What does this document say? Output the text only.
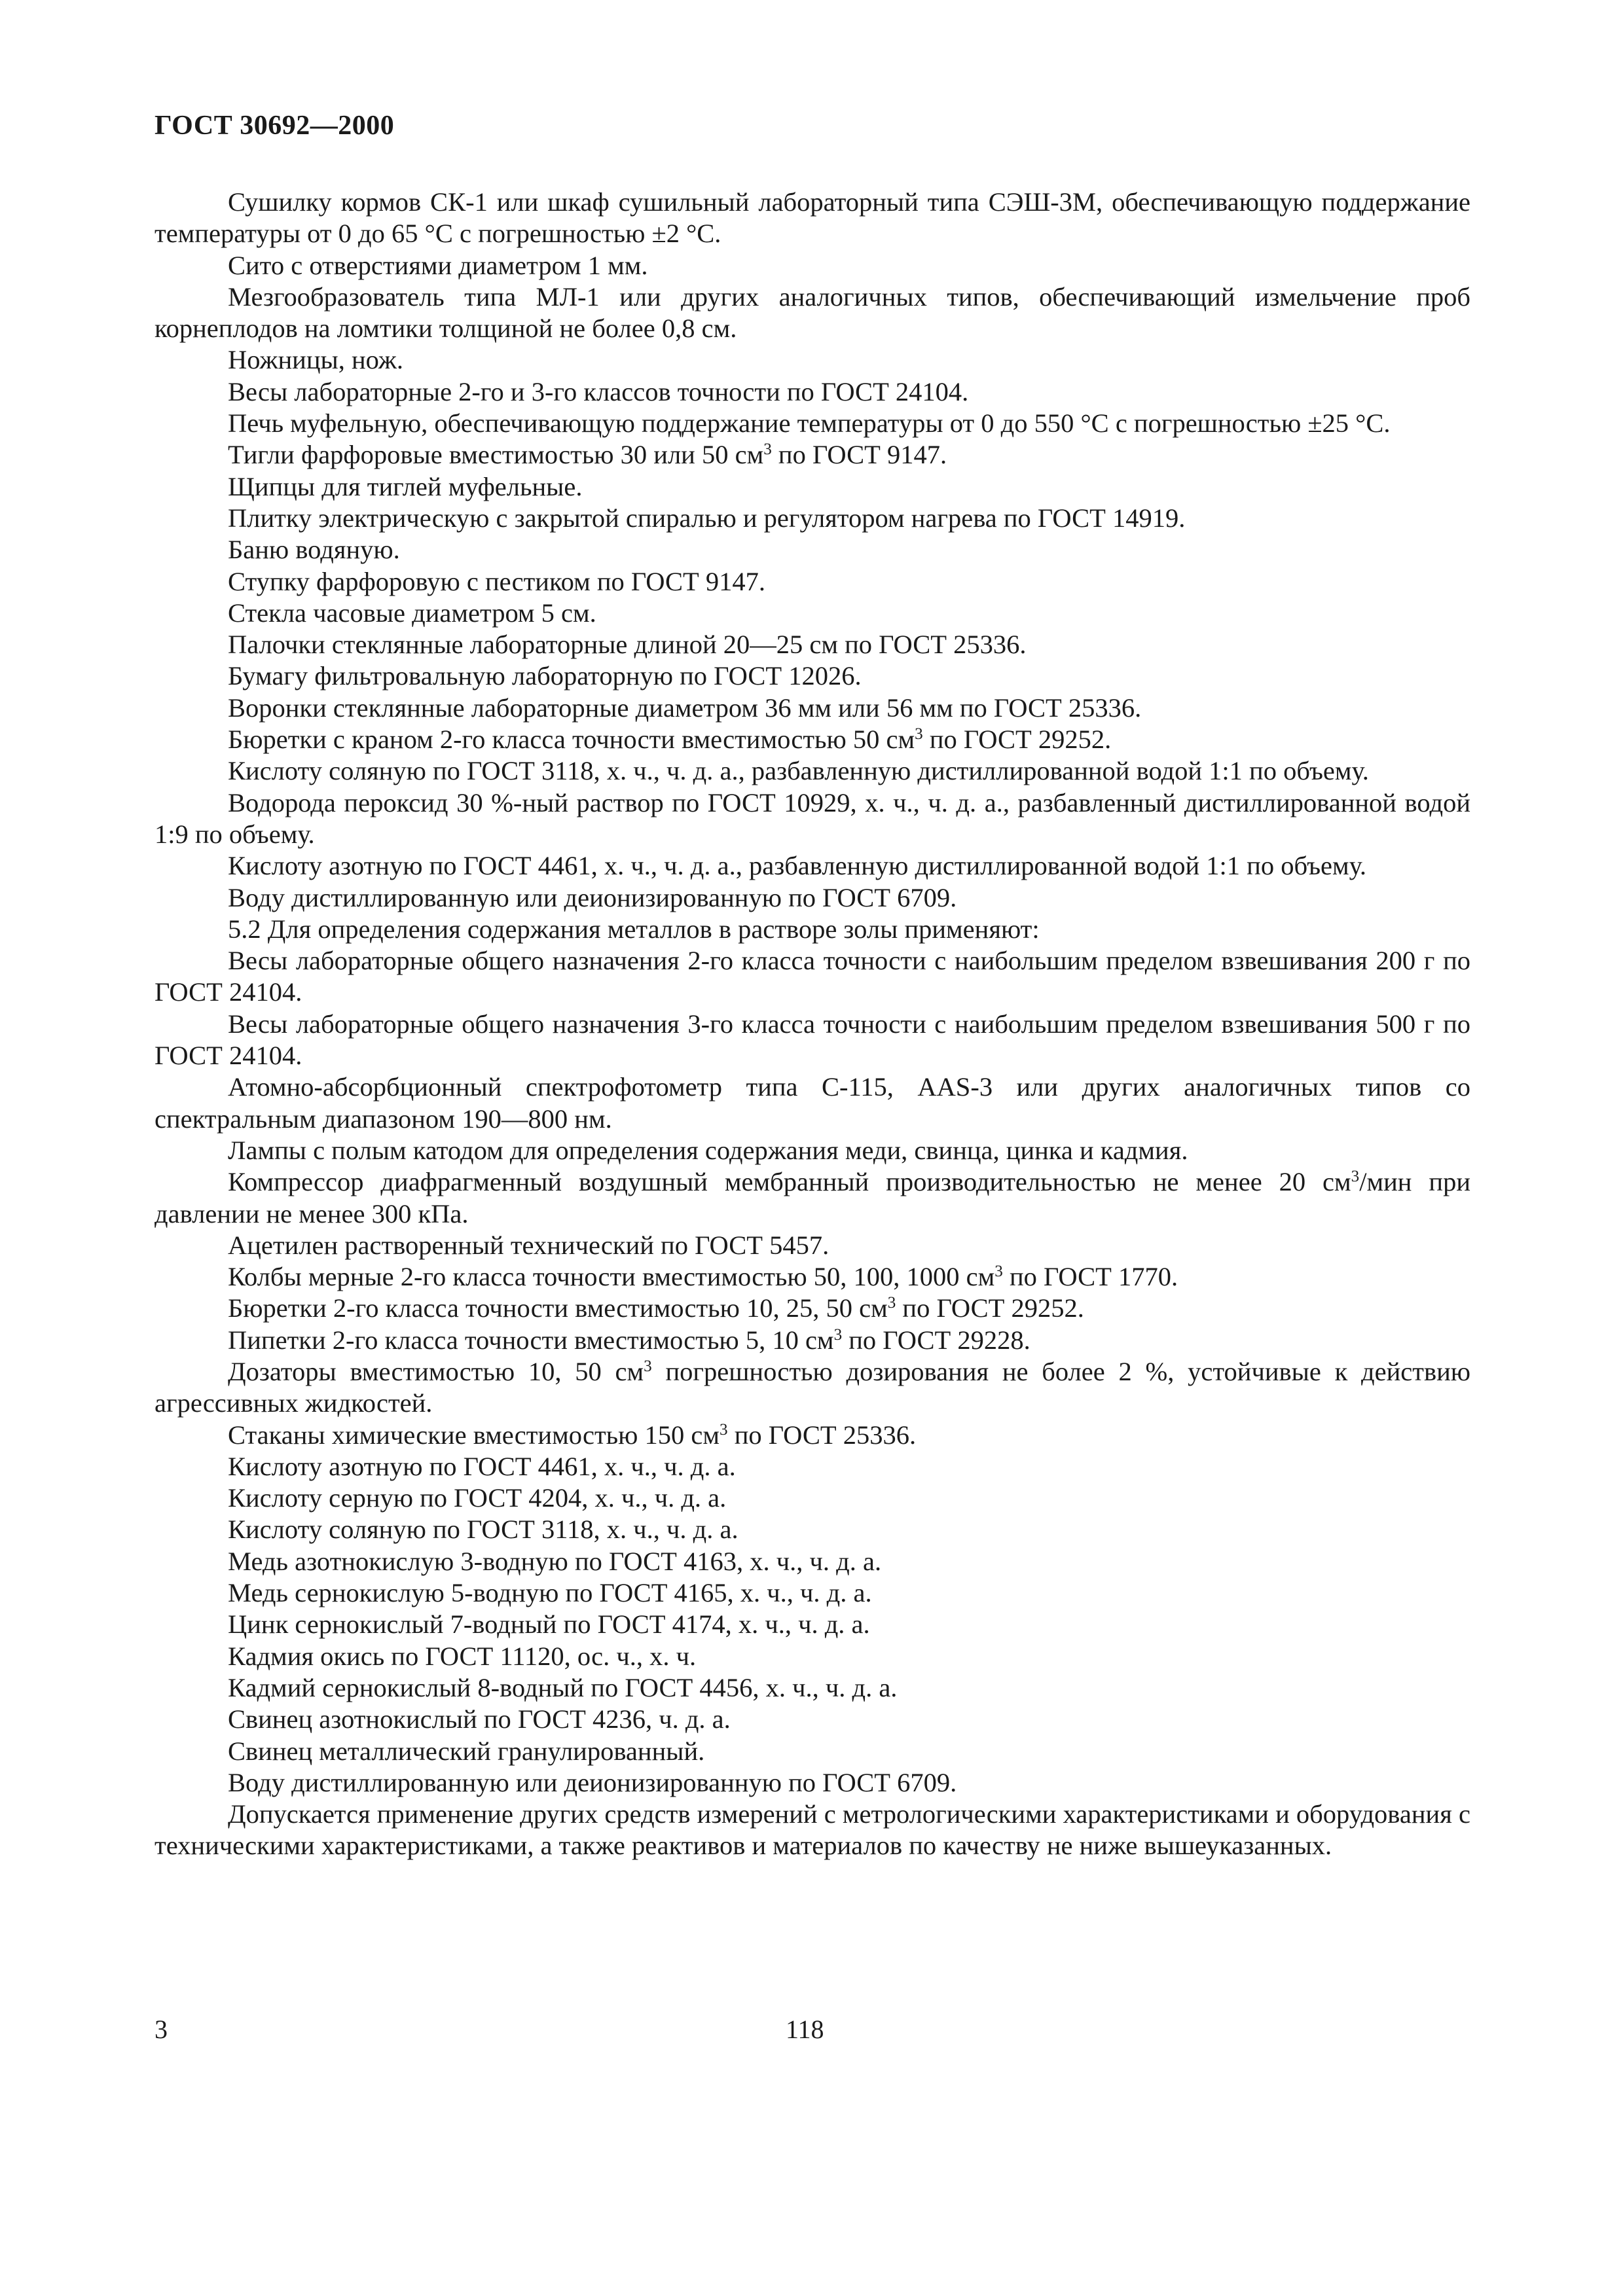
ГОСТ 30692—2000

Сушилку кормов СК-1 или шкаф сушильный лабораторный типа СЭШ-3М, обеспечивающую поддержание температуры от 0 до 65 °С с погрешностью ±2 °С.

Сито с отверстиями диаметром 1 мм.

Мезгообразователь типа МЛ-1 или других аналогичных типов, обеспечивающий измельчение проб корнеплодов на ломтики толщиной не более 0,8 см.

Ножницы, нож.

Весы лабораторные 2-го и 3-го классов точности по ГОСТ 24104.

Печь муфельную, обеспечивающую поддержание температуры от 0 до 550 °С с погрешностью ±25 °С.

Тигли фарфоровые вместимостью 30 или 50 $см^3$ по ГОСТ 9147.

Щипцы для тиглей муфельные.

Плитку электрическую с закрытой спиралью и регулятором нагрева по ГОСТ 14919.

Баню водяную.

Ступку фарфоровую с пестиком по ГОСТ 9147.

Стекла часовые диаметром 5 см.

Палочки стеклянные лабораторные длиной 20—25 см по ГОСТ 25336.

Бумагу фильтровальную лабораторную по ГОСТ 12026.

Воронки стеклянные лабораторные диаметром 36 мм или 56 мм по ГОСТ 25336.

Бюретки с краном 2-го класса точности вместимостью 50 $см^3$ по ГОСТ 29252.

Кислоту соляную по ГОСТ 3118, х. ч., ч. д. а., разбавленную дистиллированной водой 1:1 по объему.

Водорода пероксид 30 %-ный раствор по ГОСТ 10929, х. ч., ч. д. а., разбавленный дистиллированной водой 1:9 по объему.

Кислоту азотную по ГОСТ 4461, х. ч., ч. д. а., разбавленную дистиллированной водой 1:1 по объему.

Воду дистиллированную или деионизированную по ГОСТ 6709.

5.2 Для определения содержания металлов в растворе золы применяют:

Весы лабораторные общего назначения 2-го класса точности с наибольшим пределом взвешивания 200 г по ГОСТ 24104.

Весы лабораторные общего назначения 3-го класса точности с наибольшим пределом взвешивания 500 г по ГОСТ 24104.

Атомно-абсорбционный спектрофотометр типа С-115, AAS-3 или других аналогичных типов со спектральным диапазоном 190—800 нм.

Лампы с полым катодом для определения содержания меди, свинца, цинка и кадмия.

Компрессор диафрагменный воздушный мембранный производительностью не менее 20 $см^3$/мин при давлении не менее 300 кПа.

Ацетилен растворенный технический по ГОСТ 5457.

Колбы мерные 2-го класса точности вместимостью 50, 100, 1000 $см^3$ по ГОСТ 1770.

Бюретки 2-го класса точности вместимостью 10, 25, 50 $см^3$ по ГОСТ 29252.

Пипетки 2-го класса точности вместимостью 5, 10 $см^3$ по ГОСТ 29228.

Дозаторы вместимостью 10, 50 $см^3$ погрешностью дозирования не более 2 %, устойчивые к действию агрессивных жидкостей.

Стаканы химические вместимостью 150 $см^3$ по ГОСТ 25336.

Кислоту азотную по ГОСТ 4461, х. ч., ч. д. а.

Кислоту серную по ГОСТ 4204, х. ч., ч. д. а.

Кислоту соляную по ГОСТ 3118, х. ч., ч. д. а.

Медь азотнокислую 3-водную по ГОСТ 4163, х. ч., ч. д. а.

Медь сернокислую 5-водную по ГОСТ 4165, х. ч., ч. д. а.

Цинк сернокислый 7-водный по ГОСТ 4174, х. ч., ч. д. а.

Кадмия окись по ГОСТ 11120, ос. ч., х. ч.

Кадмий сернокислый 8-водный по ГОСТ 4456, х. ч., ч. д. а.

Свинец азотнокислый по ГОСТ 4236, ч. д. а.

Свинец металлический гранулированный.

Воду дистиллированную или деионизированную по ГОСТ 6709.

Допускается применение других средств измерений с метрологическими характеристиками и оборудования с техническими характеристиками, а также реактивов и материалов по качеству не ниже вышеуказанных.

3	118
